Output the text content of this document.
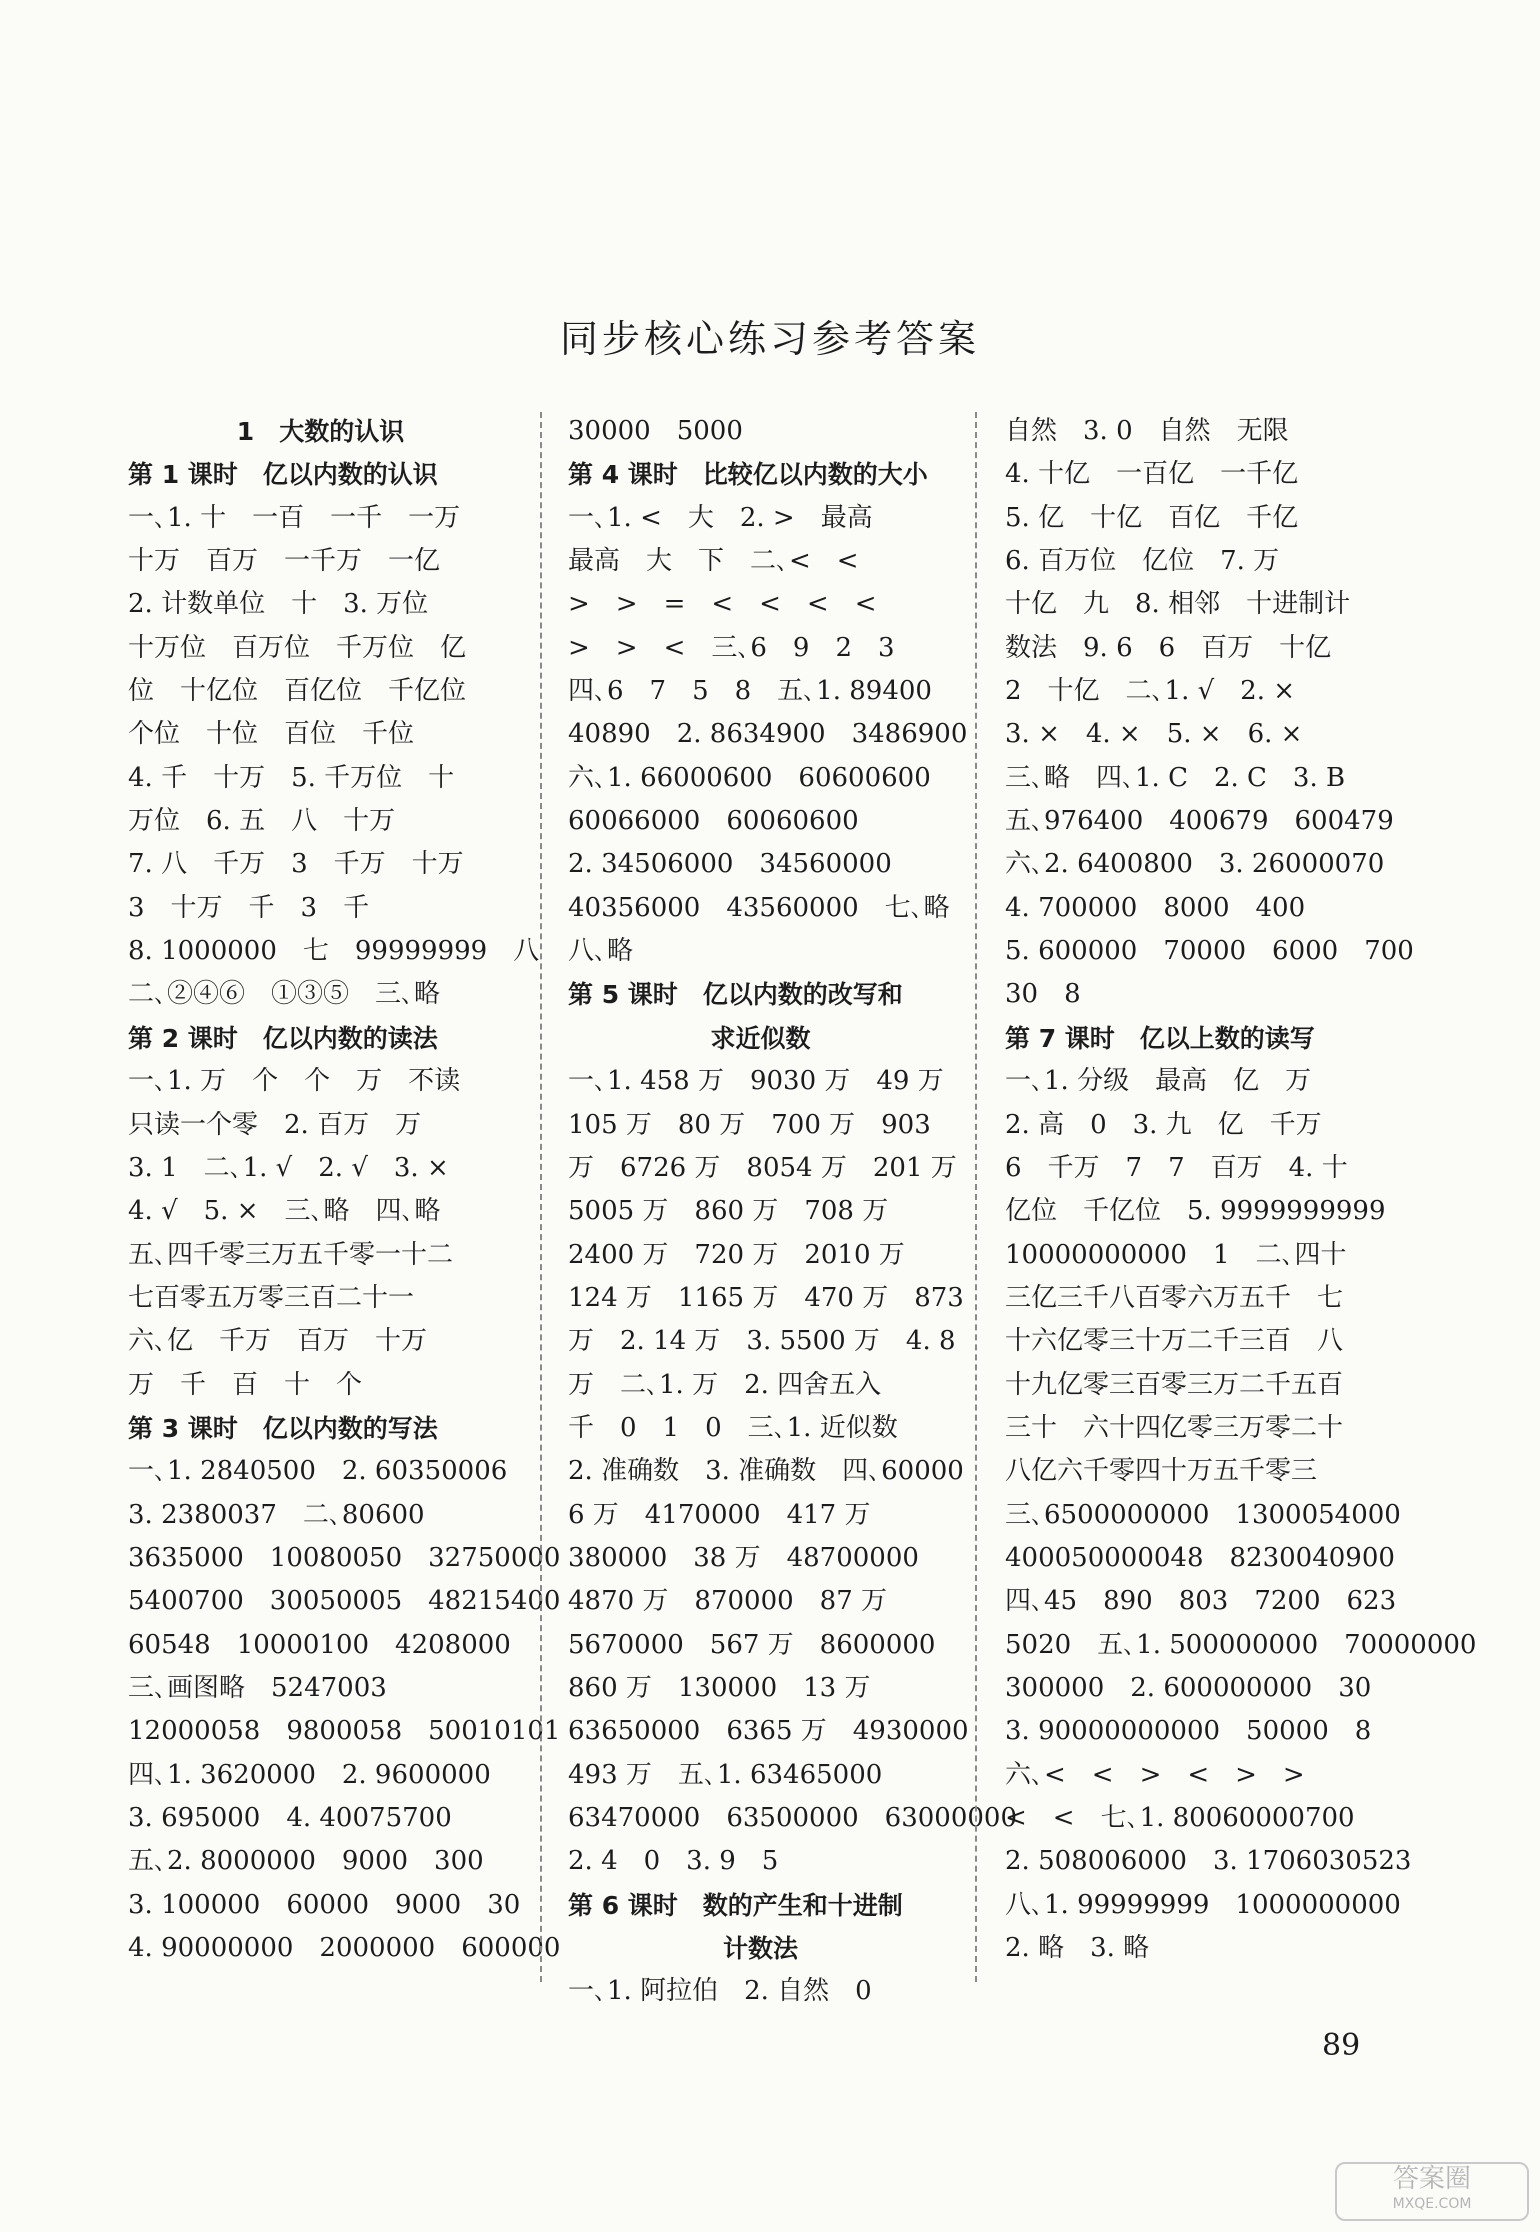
同步核心练习参考答案
1　大数的认识
第 1 课时　亿以内数的认识
一､1. 十　一百　一千　一万
十万　百万　一千万　一亿
2. 计数单位　十　3. 万位
十万位　百万位　千万位　亿
位　十亿位　百亿位　千亿位
个位　十位　百位　千位
4. 千　十万　5. 千万位　十
万位　6. 五　八　十万
7. 八　千万　3　千万　十万
3　十万　千　3　千
8. 1000000　七　99999999　八
二､②④⑥　①③⑤　三､略
第 2 课时　亿以内数的读法
一､1. 万　个　个　万　不读
只读一个零　2. 百万　万
3. 1　二､1. √　2. √　3. ×
4. √　5. ×　三､略　四､略
五､四千零三万五千零一十二
七百零五万零三百二十一
六､亿　千万　百万　十万
万　千　百　十　个
第 3 课时　亿以内数的写法
一､1. 2840500　2. 60350006
3. 2380037　二､80600
3635000　10080050　32750000
5400700　30050005　48215400
60548　10000100　4208000
三､画图略　5247003
12000058　9800058　50010101
四､1. 3620000　2. 9600000
3. 695000　4. 40075700
五､2. 8000000　9000　300
3. 100000　60000　9000　30
4. 90000000　2000000　600000
30000　5000
第 4 课时　比较亿以内数的大小
一､1. <　大　2. >　最高
最高　大　下　二､<　<
>　>　=　<　<　<　<
>　>　<　三､6　9　2　3
四､6　7　5　8　五､1. 89400
40890　2. 8634900　3486900
六､1. 66000600　60600600
60066000　60060600
2. 34506000　34560000
40356000　43560000　七､略
八､略
第 5 课时　亿以内数的改写和
求近似数
一､1. 458 万　9030 万　49 万
105 万　80 万　700 万　903
万　6726 万　8054 万　201 万
5005 万　860 万　708 万
2400 万　720 万　2010 万
124 万　1165 万　470 万　873
万　2. 14 万　3. 5500 万　4. 8
万　二､1. 万　2. 四舍五入
千　0　1　0　三､1. 近似数
2. 准确数　3. 准确数　四､60000
6 万　4170000　417 万
380000　38 万　48700000
4870 万　870000　87 万
5670000　567 万　8600000
860 万　130000　13 万
63650000　6365 万　4930000
493 万　五､1. 63465000
63470000　63500000　63000000
2. 4　0　3. 9　5
第 6 课时　数的产生和十进制
计数法
一､1. 阿拉伯　2. 自然　0
自然　3. 0　自然　无限
4. 十亿　一百亿　一千亿
5. 亿　十亿　百亿　千亿
6. 百万位　亿位　7. 万
十亿　九　8. 相邻　十进制计
数法　9. 6　6　百万　十亿
2　十亿　二､1. √　2. ×
3. ×　4. ×　5. ×　6. ×
三､略　四､1. C　2. C　3. B
五､976400　400679　600479
六､2. 6400800　3. 26000070
4. 700000　8000　400
5. 600000　70000　6000　700
30　8
第 7 课时　亿以上数的读写
一､1. 分级　最高　亿　万
2. 高　0　3. 九　亿　千万
6　千万　7　7　百万　4. 十
亿位　千亿位　5. 9999999999
10000000000　1　二､四十
三亿三千八百零六万五千　七
十六亿零三十万二千三百　八
十九亿零三百零三万二千五百
三十　六十四亿零三万零二十
八亿六千零四十万五千零三
三､6500000000　1300054000
400050000048　8230040900
四､45　890　803　7200　623
5020　五､1. 500000000　70000000
300000　2. 600000000　30
3. 90000000000　50000　8
六､<　<　>　<　>　>
<　<　七､1. 80060000700
2. 508006000　3. 1706030523
八､1. 99999999　1000000000
2. 略　3. 略
89
答案圈
MXQE.COM
